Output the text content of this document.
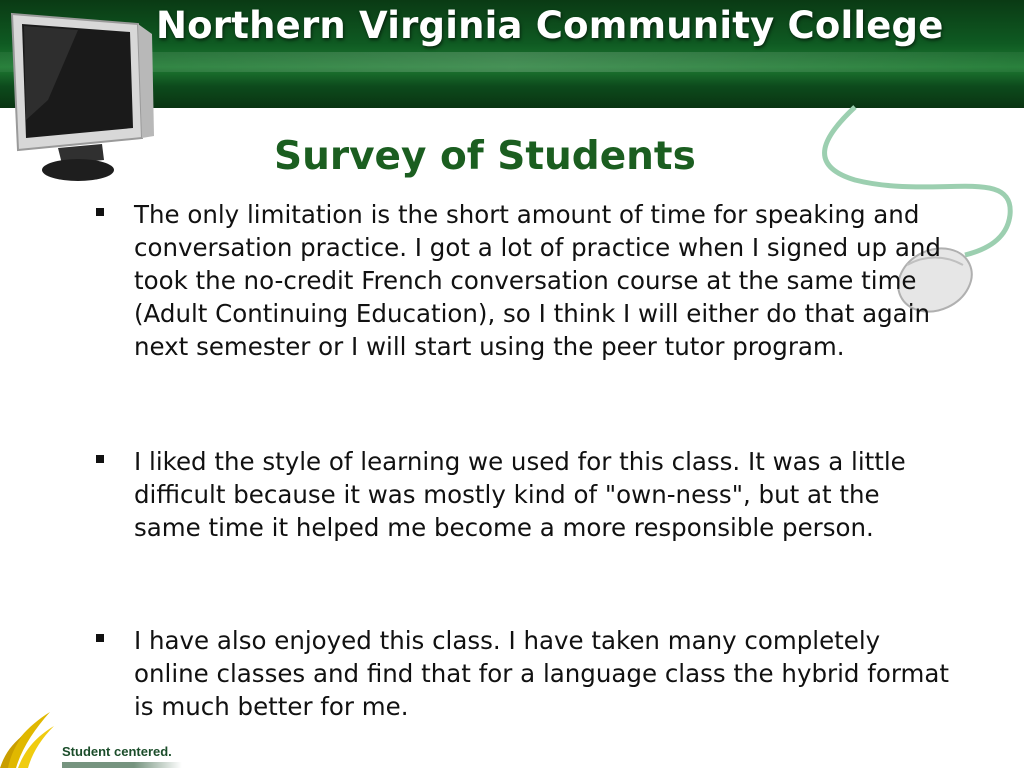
Northern Virginia Community College
Survey of Students
The only limitation is the short amount of time for speaking and conversation practice. I got a lot of practice when I signed up and took the no-credit French conversation course at the same time (Adult Continuing Education), so I think I will either do that again next semester or I will start using the peer tutor program.
I liked the style of learning we used for this class. It was a little difficult because it was mostly kind of "own-ness", but at the same time it helped me become a more responsible person.
I have also enjoyed this class. I have taken many completely online classes and find that for a language class the hybrid format is much better for me.
Student centered.
